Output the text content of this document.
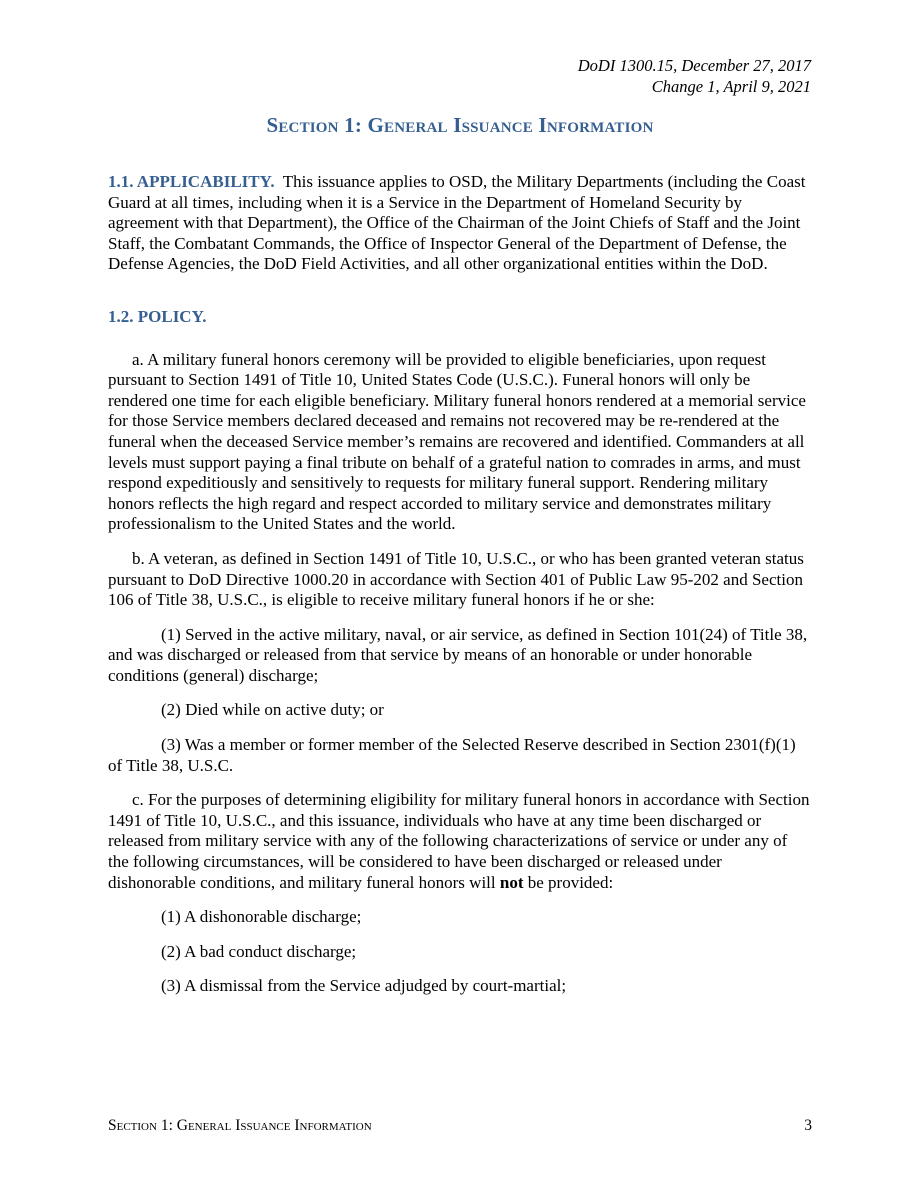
DoDI 1300.15, December 27, 2017
Change 1, April 9, 2021
Section 1: General Issuance Information

1.1. APPLICABILITY. This issuance applies to OSD, the Military Departments (including the Coast Guard at all times, including when it is a Service in the Department of Homeland Security by agreement with that Department), the Office of the Chairman of the Joint Chiefs of Staff and the Joint Staff, the Combatant Commands, the Office of Inspector General of the Department of Defense, the Defense Agencies, the DoD Field Activities, and all other organizational entities within the DoD.

1.2. POLICY.

a. A military funeral honors ceremony will be provided to eligible beneficiaries, upon request pursuant to Section 1491 of Title 10, United States Code (U.S.C.). Funeral honors will only be rendered one time for each eligible beneficiary. Military funeral honors rendered at a memorial service for those Service members declared deceased and remains not recovered may be re-rendered at the funeral when the deceased Service member’s remains are recovered and identified. Commanders at all levels must support paying a final tribute on behalf of a grateful nation to comrades in arms, and must respond expeditiously and sensitively to requests for military funeral support. Rendering military honors reflects the high regard and respect accorded to military service and demonstrates military professionalism to the United States and the world.

b. A veteran, as defined in Section 1491 of Title 10, U.S.C., or who has been granted veteran status pursuant to DoD Directive 1000.20 in accordance with Section 401 of Public Law 95-202 and Section 106 of Title 38, U.S.C., is eligible to receive military funeral honors if he or she:

(1) Served in the active military, naval, or air service, as defined in Section 101(24) of Title 38, and was discharged or released from that service by means of an honorable or under honorable conditions (general) discharge;

(2) Died while on active duty; or

(3) Was a member or former member of the Selected Reserve described in Section 2301(f)(1) of Title 38, U.S.C.

c. For the purposes of determining eligibility for military funeral honors in accordance with Section 1491 of Title 10, U.S.C., and this issuance, individuals who have at any time been discharged or released from military service with any of the following characterizations of service or under any of the following circumstances, will be considered to have been discharged or released under dishonorable conditions, and military funeral honors will not be provided:

(1) A dishonorable discharge;

(2) A bad conduct discharge;

(3) A dismissal from the Service adjudged by court-martial;

Section 1: General Issuance Information	3
